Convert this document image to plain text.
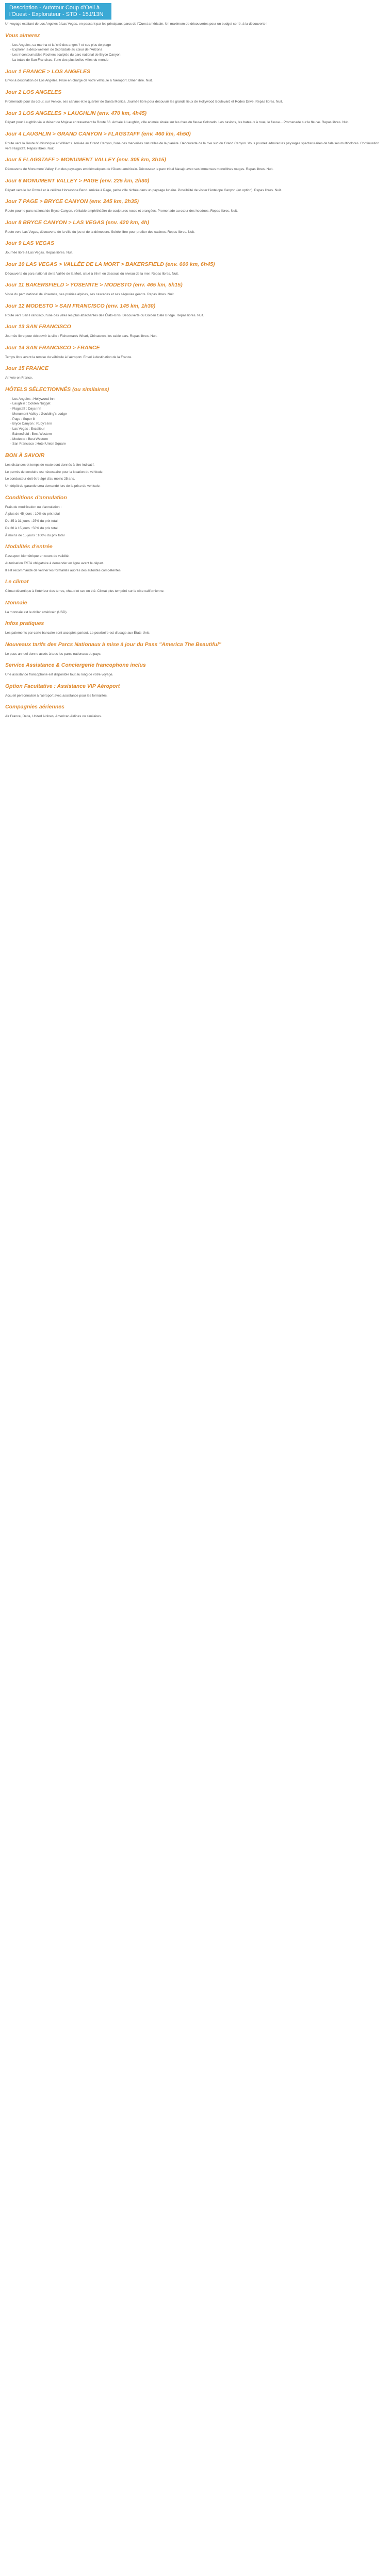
Description - Autotour Coup d'Oeil à l'Ouest - Explorateur - STD - 15J/13N

Un voyage exaltant de Los Angeles à Las Vegas, en passant par les principaux parcs de l'Ouest américain. Un maximum de découvertes pour un budget serré, à la découverte !

Vous aimerez
- Los Angeles, sa marina et la 'cité des anges' ! et ses plus de plage
- Explorer la déco western de Scottsdale au cœur de l'Arizona
- Les incontournables Rochers sculptés du parc national de Bryce Canyon
- La totale de San Francisco, l'une des plus belles villes du monde
Jour 1 FRANCE > LOS ANGELES

Envol à destination de Los Angeles. Prise en charge de votre véhicule à l'aéroport. Dîner libre. Nuit.

Jour 2 LOS ANGELES

Promenade pour du cœur, sur Venice, ses canaux et le quartier de Santa Monica. Journée libre pour découvrir les grands lieux de Hollywood Boulevard et Rodeo Drive. Repas libres. Nuit.

Jour 3 LOS ANGELES > LAUGHLIN (env. 470 km, 4h45)

Départ pour Laughlin via le désert de Mojave en traversant la Route 66. Arrivée à Laughlin, ville animée située sur les rives du fleuve Colorado. Les casinos, les bateaux à roue, le fleuve... Promenade sur le fleuve. Repas libres. Nuit.

Jour 4 LAUGHLIN > GRAND CANYON > FLAGSTAFF (env. 460 km, 4h50)

Route vers la Route 66 historique et Williams. Arrivée au Grand Canyon, l'une des merveilles naturelles de la planète. Découverte de la rive sud du Grand Canyon. Vous pourrez admirer les paysages spectaculaires de falaises multicolores. Continuation vers Flagstaff. Repas libres. Nuit.

Jour 5 FLAGSTAFF > MONUMENT VALLEY (env. 305 km, 3h15)

Découverte de Monument Valley, l'un des paysages emblématiques de l'Ouest américain. Découvrez le parc tribal Navajo avec ses immenses monolithes rouges. Repas libres. Nuit.

Jour 6 MONUMENT VALLEY > PAGE (env. 225 km, 2h30)

Départ vers le lac Powell et la célèbre Horseshoe Bend. Arrivée à Page, petite ville nichée dans un paysage lunaire. Possibilité de visiter l'Antelope Canyon (en option). Repas libres. Nuit.

Jour 7 PAGE > BRYCE CANYON (env. 245 km, 2h35)

Route pour le parc national de Bryce Canyon, véritable amphithéâtre de sculptures roses et orangées. Promenade au cœur des hoodoos. Repas libres. Nuit.

Jour 8 BRYCE CANYON > LAS VEGAS (env. 420 km, 4h)

Route vers Las Vegas, découverte de la ville du jeu et de la démesure. Soirée libre pour profiter des casinos. Repas libres. Nuit.

Jour 9 LAS VEGAS

Journée libre à Las Vegas. Repas libres. Nuit.

Jour 10 LAS VEGAS > VALLÉE DE LA MORT > BAKERSFIELD (env. 600 km, 6h45)

Découverte du parc national de la Vallée de la Mort, situé à 86 m en dessous du niveau de la mer. Repas libres. Nuit.

Jour 11 BAKERSFIELD > YOSEMITE > MODESTO (env. 465 km, 5h15)

Visite du parc national de Yosemite, ses prairies alpines, ses cascades et ses séquoias géants. Repas libres. Nuit.

Jour 12 MODESTO > SAN FRANCISCO (env. 145 km, 1h30)

Route vers San Francisco, l'une des villes les plus attachantes des États-Unis. Découverte du Golden Gate Bridge. Repas libres. Nuit.

Jour 13 SAN FRANCISCO

Journée libre pour découvrir la ville : Fisherman's Wharf, Chinatown, les cable cars. Repas libres. Nuit.

Jour 14 SAN FRANCISCO > FRANCE

Temps libre avant la remise du véhicule à l'aéroport. Envol à destination de la France.

Jour 15 FRANCE

Arrivée en France.

HÔTELS SÉLECTIONNÉS (ou similaires)
- Los Angeles : Hollywood Inn
- Laughlin : Golden Nugget
- Flagstaff : Days Inn
- Monument Valley : Goulding's Lodge
- Page : Super 8
- Bryce Canyon : Ruby's Inn
- Las Vegas : Excalibur
- Bakersfield : Best Western
- Modesto : Best Western
- San Francisco : Hotel Union Square
BON À SAVOIR

Les distances et temps de route sont donnés à titre indicatif.

Le permis de conduire est nécessaire pour la location du véhicule.

Le conducteur doit être âgé d'au moins 25 ans.

Un dépôt de garantie sera demandé lors de la prise du véhicule.

Conditions d'annulation

Frais de modification ou d'annulation :

À plus de 45 jours : 10% du prix total

De 45 à 31 jours : 25% du prix total

De 30 à 15 jours : 50% du prix total

À moins de 15 jours : 100% du prix total

Modalités d'entrée

Passeport biométrique en cours de validité.

Autorisation ESTA obligatoire à demander en ligne avant le départ.

Il est recommandé de vérifier les formalités auprès des autorités compétentes.

Le climat

Climat désertique à l'intérieur des terres, chaud et sec en été. Climat plus tempéré sur la côte californienne.

Monnaie

La monnaie est le dollar américain (USD).

Infos pratiques

Les paiements par carte bancaire sont acceptés partout. Le pourboire est d'usage aux États-Unis.

Nouveaux tarifs des Parcs Nationaux à mise à jour du Pass "America The Beautiful"

Le pass annuel donne accès à tous les parcs nationaux du pays.

Service Assistance & Conciergerie francophone inclus

Une assistance francophone est disponible tout au long de votre voyage.

Option Facultative : Assistance VIP Aéroport

Accueil personnalisé à l'aéroport avec assistance pour les formalités.

Compagnies aériennes

Air France, Delta, United Airlines, American Airlines ou similaires.
